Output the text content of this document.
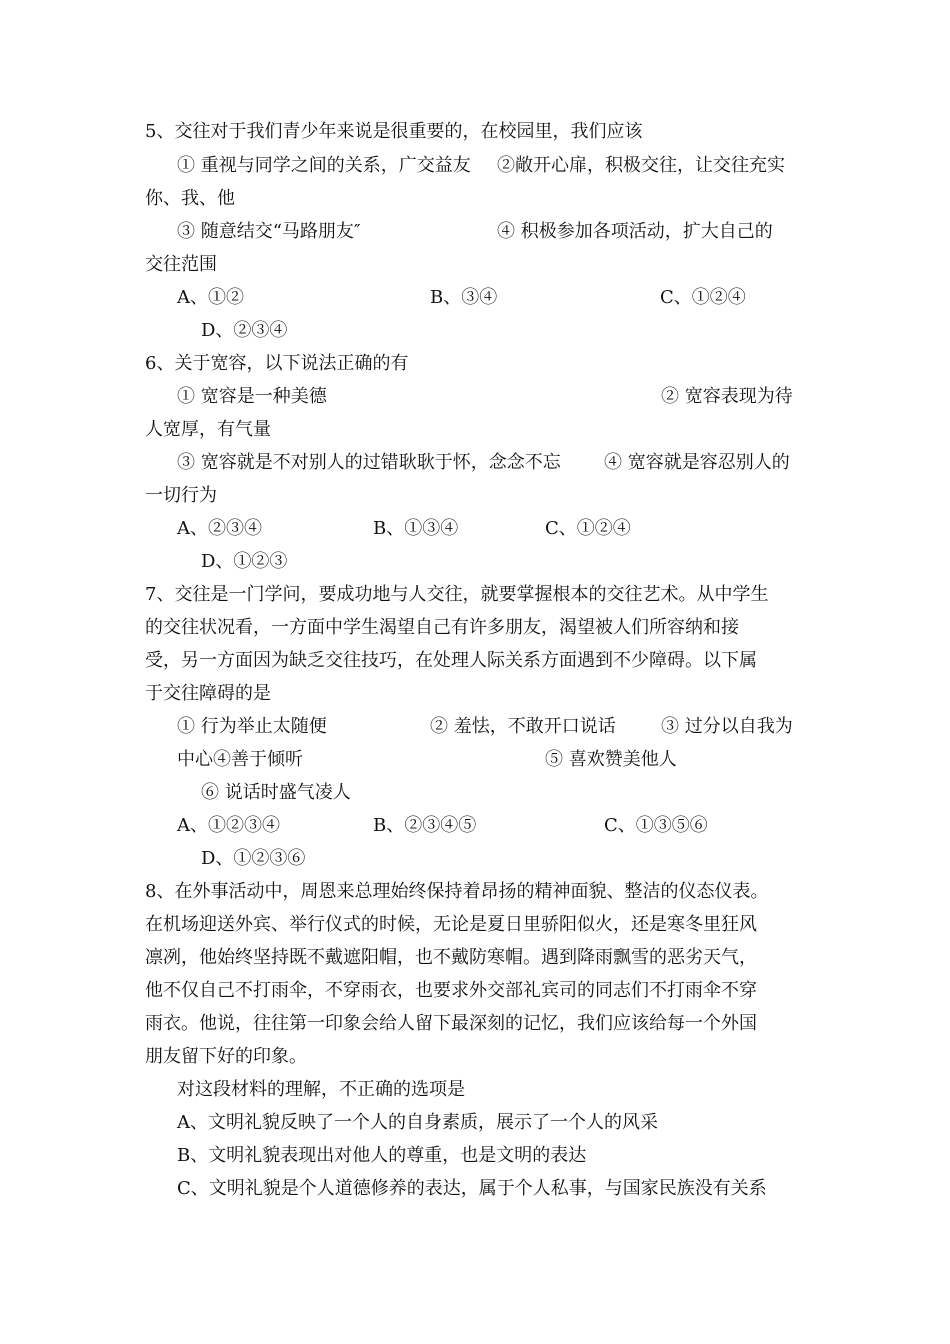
5、交往对于我们青少年来说是很重要的，在校园里，我们应该
① 重视与同学之间的关系，广交益友 ②敞开心扉，积极交往，让交往充实
你、我、他
③ 随意结交“马路朋友″	④ 积极参加各项活动，扩大自己的
交往范围
A、①②	B、③④	C、①②④
D、②③④
6、关于宽容，以下说法正确的有
① 宽容是一种美德	② 宽容表现为待
人宽厚，有气量
③ 宽容就是不对别人的过错耿耿于怀，念念不忘 ④ 宽容就是容忍别人的
一切行为
A、②③④	B、①③④	C、①②④
D、①②③
7、交往是一门学问，要成功地与人交往，就要掌握根本的交往艺术。从中学生
的交往状况看，一方面中学生渴望自己有许多朋友，渴望被人们所容纳和接
受，另一方面因为缺乏交往技巧，在处理人际关系方面遇到不少障碍。以下属
于交往障碍的是
① 行为举止太随便	② 羞怯，不敢开口说话	③ 过分以自我为
中心④善于倾听	⑤ 喜欢赞美他人
⑥ 说话时盛气凌人
A、①②③④	B、②③④⑤	C、①③⑤⑥
D、①②③⑥
8、在外事活动中，周恩来总理始终保持着昂扬的精神面貌、整洁的仪态仪表。
在机场迎送外宾、举行仪式的时候，无论是夏日里骄阳似火，还是寒冬里狂风
凛冽，他始终坚持既不戴遮阳帽，也不戴防寒帽。遇到降雨飘雪的恶劣天气，
他不仅自己不打雨伞，不穿雨衣，也要求外交部礼宾司的同志们不打雨伞不穿
雨衣。他说，往往第一印象会给人留下最深刻的记忆，我们应该给每一个外国
朋友留下好的印象。
对这段材料的理解，不正确的选项是
A、文明礼貌反映了一个人的自身素质，展示了一个人的风采
B、文明礼貌表现出对他人的尊重，也是文明的表达
C、文明礼貌是个人道德修养的表达，属于个人私事，与国家民族没有关系
